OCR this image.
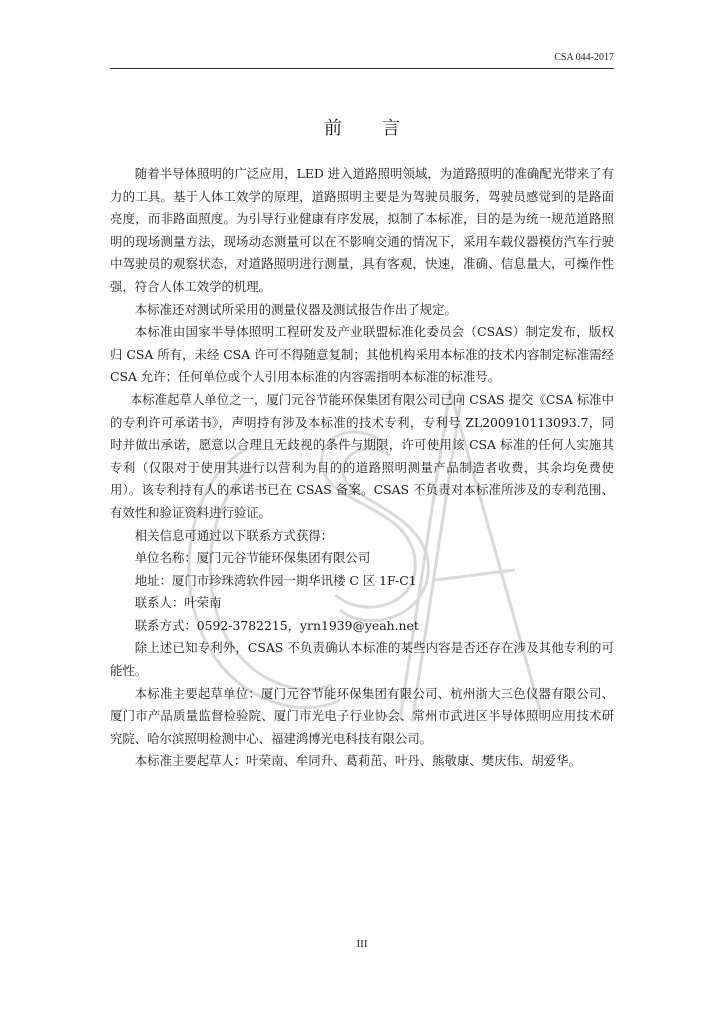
CSA 044-2017
前言

随着半导体照明的广泛应用，LED 进入道路照明领域，为道路照明的准确配光带来了有力的工具。基于人体工效学的原理，道路照明主要是为驾驶员服务，驾驶员感觉到的是路面亮度，而非路面照度。为引导行业健康有序发展，拟制了本标准，目的是为统一规范道路照明的现场测量方法，现场动态测量可以在不影响交通的情况下，采用车载仪器模仿汽车行驶中驾驶员的观察状态，对道路照明进行测量，具有客观，快速，准确、信息量大，可操作性强，符合人体工效学的机理。

本标准还对测试所采用的测量仪器及测试报告作出了规定。

本标准由国家半导体照明工程研发及产业联盟标准化委员会（CSAS）制定发布，版权归 CSA 所有，未经 CSA 许可不得随意复制；其他机构采用本标准的技术内容制定标准需经 CSA 允许；任何单位或个人引用本标准的内容需指明本标准的标准号。

本标准起草人单位之一，厦门元谷节能环保集团有限公司已向 CSAS 提交《CSA 标准中的专利许可承诺书》，声明持有涉及本标准的技术专利，专利号 ZL200910113093.7，同时并做出承诺，愿意以合理且无歧视的条件与期限，许可使用该 CSA 标准的任何人实施其专利（仅限对于使用其进行以营利为目的的道路照明测量产品制造者收费，其余均免费使用）。该专利持有人的承诺书已在 CSAS 备案。CSAS 不负责对本标准所涉及的专利范围、有效性和验证资料进行验证。

相关信息可通过以下联系方式获得：

单位名称：厦门元谷节能环保集团有限公司

地址：厦门市珍珠湾软件园一期华讯楼 C 区 1F-C1

联系人：叶荣南

联系方式：0592-3782215，yrn1939@yeah.net

除上述已知专利外，CSAS 不负责确认本标准的某些内容是否还存在涉及其他专利的可能性。

本标准主要起草单位：厦门元谷节能环保集团有限公司、杭州浙大三色仪器有限公司、厦门市产品质量监督检验院、厦门市光电子行业协会、常州市武进区半导体照明应用技术研究院、哈尔滨照明检测中心、福建鸿博光电科技有限公司。

本标准主要起草人：叶荣南、牟同升、葛莉茁、叶丹、熊敬康、樊庆伟、胡爱华。

III
